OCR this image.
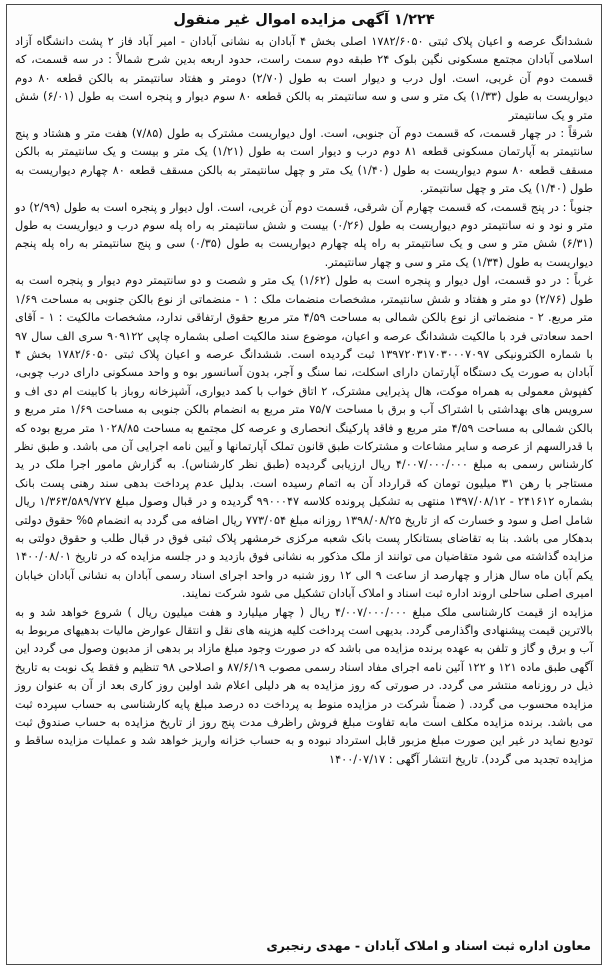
۱/۲۲۴ آگهی مزایده اموال غیر منقول

ششدانگ عرصه و اعیان پلاک ثبتی ۱۷۸۲/۶۰۵۰ اصلی بخش ۴ آبادان به نشانی آبادان - امیر آباد فاز ۲ پشت دانشگاه آزاد اسلامی آبادان مجتمع مسکونی نگین بلوک ۲۴ طبقه دوم سمت راست، حدود اربعه بدین شرح شمالاً : در سه قسمت، که قسمت دوم آن غربی، است. اول درب و دیوار است به طول (۲/۷۰) دومتر و هفتاد سانتیمتر به بالکن قطعه ۸۰ دوم دیواریست به طول (۱/۳۳) یک متر و سی و سه سانتیمتر به بالکن قطعه ۸۰ سوم دیوار و پنجره است به طول (۶/۰۱) شش متر و یک سانتیمتر

شرقاً : در چهار قسمت، که قسمت دوم آن جنوبی، است. اول دیواریست مشترک به طول (۷/۸۵) هفت متر و هشتاد و پنج سانتیمتر به آپارتمان مسکونی قطعه ۸۱ دوم درب و دیوار است به طول (۱/۲۱) یک متر و بیست و یک سانتیمتر به بالکن مسقف قطعه ۸۰ سوم دیواریست به طول (۱/۴۰) یک متر و چهل سانتیمتر به بالکن مسقف قطعه ۸۰ چهارم دیواریست به طول (۱/۴۰) یک متر و چهل سانتیمتر.

جنوباً : در پنج قسمت، که قسمت چهارم آن شرقی، قسمت دوم آن غربی، است. اول دیوار و پنجره است به طول (۲/۹۹) دو متر و نود و نه سانتیمتر دوم دیواریست به طول (۰/۲۶) بیست و شش سانتیمتر به راه پله سوم درب و دیواریست به طول (۶/۳۱) شش متر و سی و یک سانتیمتر به راه پله چهارم دیواریست به طول (۰/۳۵) سی و پنج سانتیمتر به راه پله پنجم دیواریست به طول (۱/۳۴) یک متر و سی و چهار سانتیمتر.

غرباً : در دو قسمت، اول دیوار و پنجره است به طول (۱/۶۲) یک متر و شصت و دو سانتیمتر دوم دیوار و پنجره است به طول (۲/۷۶) دو متر و هفتاد و شش سانتیمتر، مشخصات منضمات ملک : ۱ - منضماتی از نوع بالکن جنوبی به مساحت ۱/۶۹ متر مربع. ۲ - منضماتی از نوع بالکن شمالی به مساحت ۴/۵۹ متر مربع حقوق ارتفاقی ندارد، مشخصات مالکیت : ۱ - آقای احمد سعادتی فرد با مالکیت ششدانگ عرصه و اعیان، موضوع سند مالکیت اصلی بشماره چاپی ۹۰۹۱۲۲ سری الف سال ۹۷ با شماره الکترونیکی ۱۳۹۷۲۰۳۱۷۰۳۰۰۰۷۰۹۷ ثبت گردیده است. ششدانگ عرصه و اعیان پلاک ثبتی ۱۷۸۲/۶۰۵۰ بخش ۴ آبادان به صورت یک دستگاه آپارتمان دارای اسکلت، نما سنگ و آجر، بدون آسانسور بوه و واحد مسکونی دارای درب چوبی، کفپوش معمولی به همراه موکت، هال پذیرایی مشترک، ۲ اتاق خواب با کمد دیواری، آشپزخانه روباز با کابینت ام دی اف و سرویس های بهداشتی با اشتراک آب و برق با مساحت ۷۵/۷ متر مربع به انضمام بالکن جنوبی به مساحت ۱/۶۹ متر مربع و بالکن شمالی به مساحت ۴/۵۹ متر مربع و فاقد پارکینگ انحصاری و عرصه کل مجتمع به مساحت ۱۰۲۸/۸۵ متر مربع بوده که با قدرالسهم از عرصه و سایر مشاعات و مشترکات طبق قانون تملک آپارتمانها و آیین نامه اجرایی آن می باشد. و طبق نظر کارشناس رسمی به مبلغ ۴/۰۰۷/۰۰۰/۰۰۰ ریال ارزیابی گردیده (طبق نظر کارشناس). به گزارش مامور اجرا ملک در ید مستاجر با رهن ۳۱ میلیون تومان که قرارداد آن به اتمام رسیده است. بدلیل عدم پرداخت بدهی سند رهنی پست بانک بشماره ۲۴۱۶۱۲ - ۱۳۹۷/۰۸/۱۲ منتهی به تشکیل پرونده کلاسه ۹۹۰۰۰۴۷ گردیده و در قبال وصول مبلغ ۱/۳۶۳/۵۸۹/۷۲۷ ریال شامل اصل و سود و خسارت که از تاریخ ۱۳۹۸/۰۸/۲۵ روزانه مبلغ ۷۷۳/۰۵۴ ریال اضافه می گردد به انضمام ۵% حقوق دولتی بدهکار می باشد. بنا به تقاضای بستانکار پست بانک شعبه مرکزی خرمشهر پلاک ثبتی فوق در قبال طلب و حقوق دولتی به مزایده گذاشته می شود متقاضیان می توانند از ملک مذکور به نشانی فوق بازدید و در جلسه مزایده که در تاریخ ۱۴۰۰/۰۸/۰۱ یکم آبان ماه سال هزار و چهارصد از ساعت ۹ الی ۱۲ روز شنبه در واحد اجرای اسناد رسمی آبادان به نشانی آبادان خیابان امیری اصلی ساحلی اروند اداره ثبت اسناد و املاک آبادان تشکیل می شود شرکت نمایند.

مزایده از قیمت کارشناسی ملک مبلغ ۴/۰۰۷/۰۰۰/۰۰۰ ریال ( چهار میلیارد و هفت میلیون ریال ) شروع خواهد شد و به بالاترین قیمت پیشنهادی واگذارمی گردد. بدیهی است پرداخت کلیه هزینه های نقل و انتقال عوارض مالیات بدهیهای مربوط به آب و برق و گاز و تلفن به عهده برنده مزایده می باشد که در صورت وجود مبلغ مازاد بر بدهی از مدیون وصول می گردد این آگهی طبق ماده ۱۲۱ و ۱۲۲ آئین نامه اجرای مفاد اسناد رسمی مصوب ۸۷/۶/۱۹ و اصلاحی ۹۸ تنظیم و فقط یک نوبت به تاریخ ذیل در روزنامه منتشر می گردد. در صورتی که روز مزایده به هر دلیلی اعلام شد اولین روز کاری بعد از آن به عنوان روز مزایده محسوب می گردد. ( ضمناً شرکت در مزایده منوط به پرداخت ده درصد مبلغ پایه کارشناسی به حساب سپرده ثبت می باشد. برنده مزایده مکلف است مابه تفاوت مبلغ فروش راظرف مدت پنج روز از تاریخ مزایده به حساب صندوق ثبت تودیع نماید در غیر این صورت مبلغ مزبور قابل استرداد نبوده و به حساب خزانه واریز خواهد شد و عملیات مزایده ساقط و مزایده تجدید می گردد). تاریخ انتشار آگهی : ۱۴۰۰/۰۷/۱۷

معاون اداره ثبت اسناد و املاک آبادان - مهدی رنجبری
